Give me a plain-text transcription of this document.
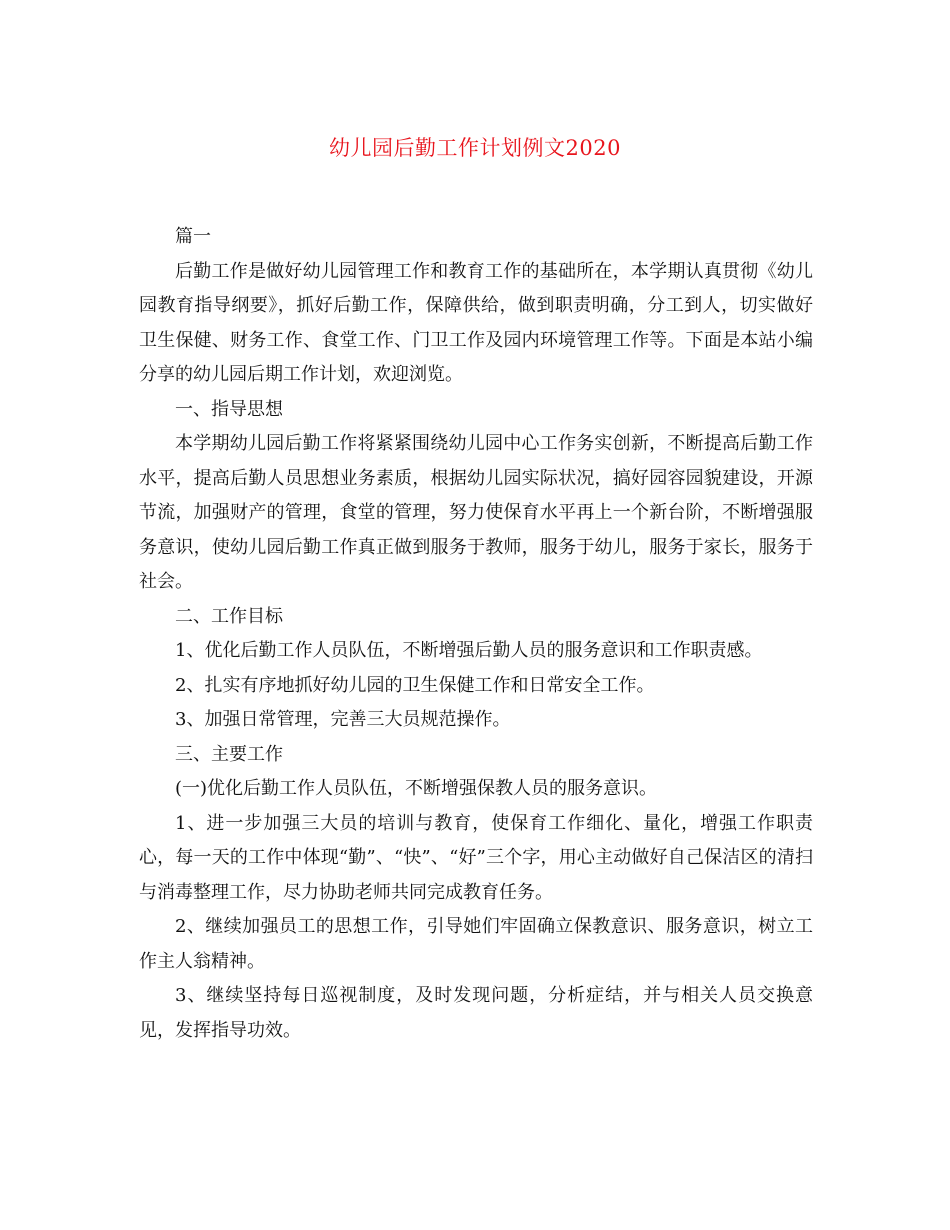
幼儿园后勤工作计划例文2020

篇一

后勤工作是做好幼儿园管理工作和教育工作的基础所在，本学期认真贯彻《幼儿园教育指导纲要》，抓好后勤工作，保障供给，做到职责明确，分工到人，切实做好卫生保健、财务工作、食堂工作、门卫工作及园内环境管理工作等。下面是本站小编分享的幼儿园后期工作计划，欢迎浏览。

一、指导思想

本学期幼儿园后勤工作将紧紧围绕幼儿园中心工作务实创新，不断提高后勤工作水平，提高后勤人员思想业务素质，根据幼儿园实际状况，搞好园容园貌建设，开源节流，加强财产的管理，食堂的管理，努力使保育水平再上一个新台阶，不断增强服务意识，使幼儿园后勤工作真正做到服务于教师，服务于幼儿，服务于家长，服务于社会。

二、工作目标

1、优化后勤工作人员队伍，不断增强后勤人员的服务意识和工作职责感。

2、扎实有序地抓好幼儿园的卫生保健工作和日常安全工作。

3、加强日常管理，完善三大员规范操作。

三、主要工作

(一)优化后勤工作人员队伍，不断增强保教人员的服务意识。

1、进一步加强三大员的培训与教育，使保育工作细化、量化，增强工作职责心，每一天的工作中体现“勤”、“快”、“好”三个字，用心主动做好自己保洁区的清扫与消毒整理工作，尽力协助老师共同完成教育任务。

2、继续加强员工的思想工作，引导她们牢固确立保教意识、服务意识，树立工作主人翁精神。

3、继续坚持每日巡视制度，及时发现问题，分析症结，并与相关人员交换意见，发挥指导功效。
